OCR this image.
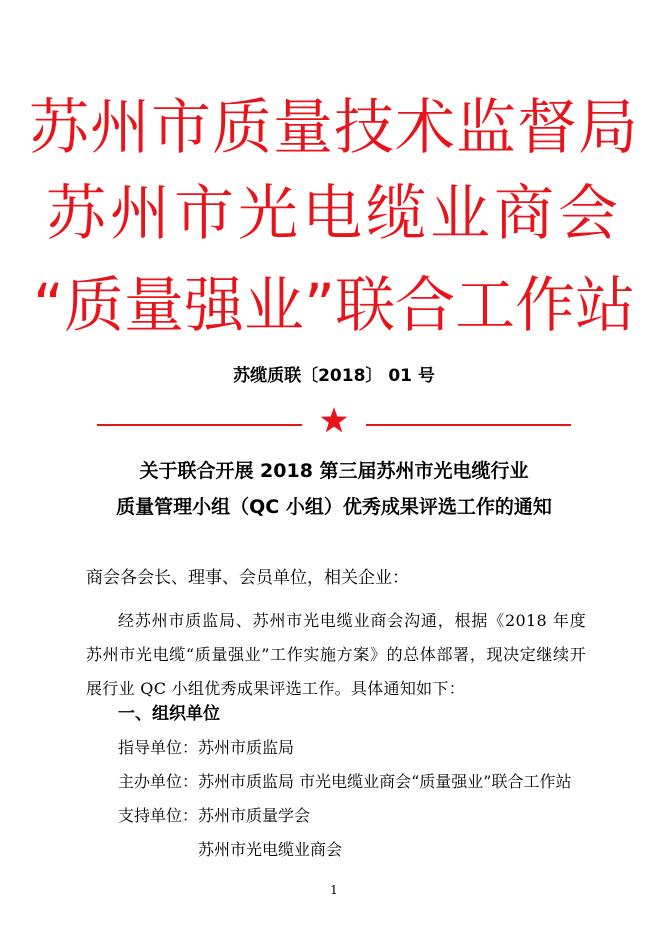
苏州市质量技术监督局
苏州市光电缆业商会
“质量强业”联合工作站
苏缆质联〔2018〕 01 号
关于联合开展 2018 第三届苏州市光电缆行业
质量管理小组（QC 小组）优秀成果评选工作的通知
商会各会长、理事、会员单位，相关企业：
经苏州市质监局、苏州市光电缆业商会沟通，根据《2018 年度苏州市光电缆“质量强业”工作实施方案》的总体部署，现决定继续开展行业 QC 小组优秀成果评选工作。具体通知如下：
一、组织单位
指导单位：苏州市质监局
主办单位：苏州市质监局 市光电缆业商会“质量强业”联合工作站
支持单位：苏州市质量学会
苏州市光电缆业商会
1
